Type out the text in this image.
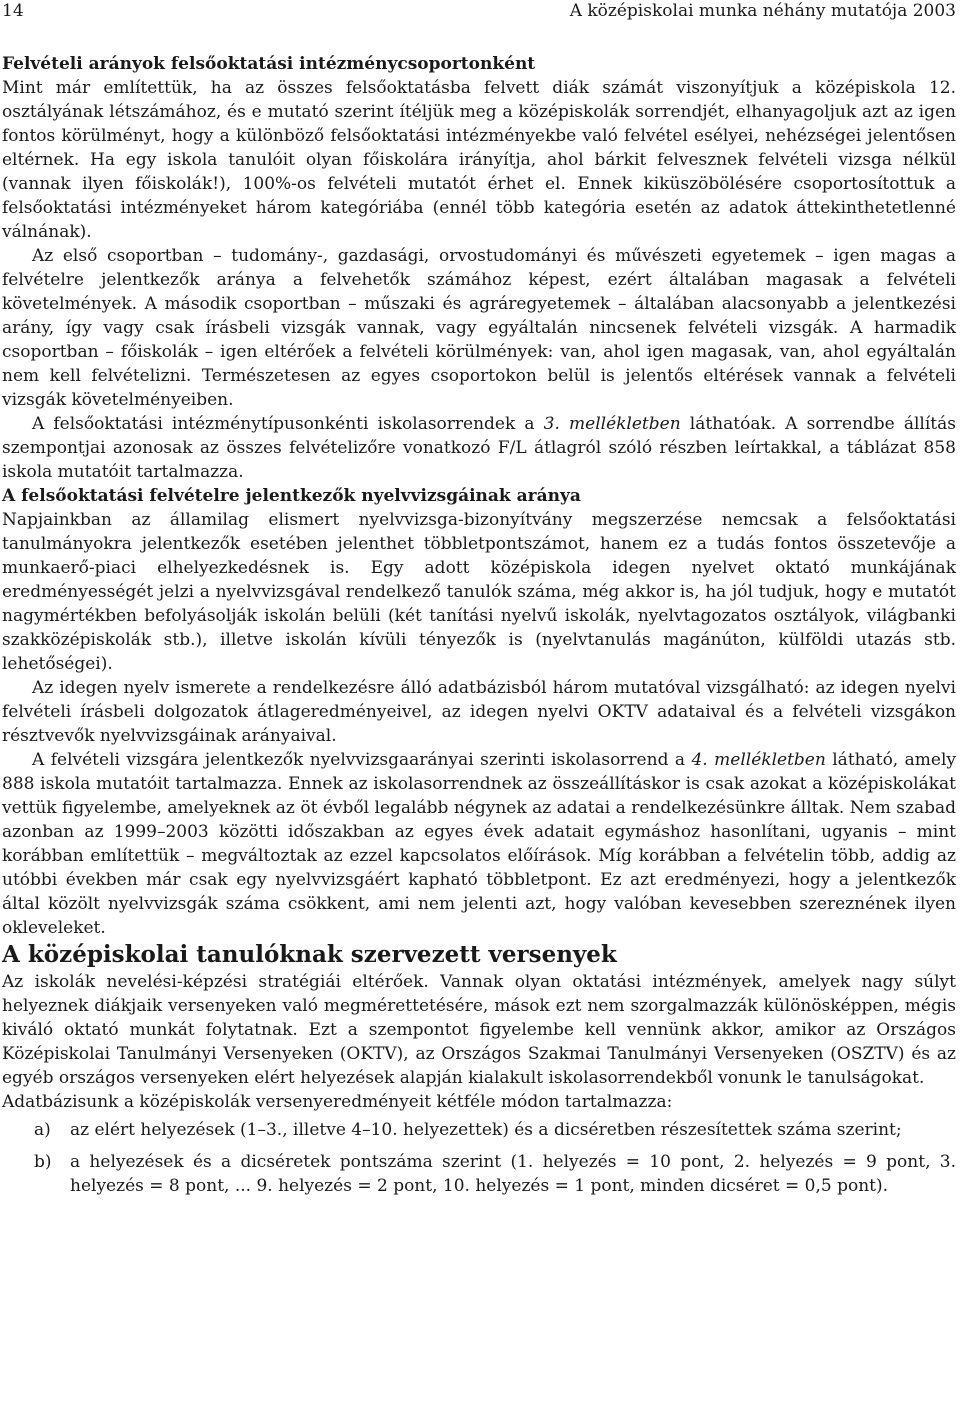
14	A középiskolai munka néhány mutatója 2003
Felvételi arányok felsőoktatási intézménycsoportonként

Mint már említettük, ha az összes felsőoktatásba felvett diák számát viszonyítjuk a középiskola 12. osztályának létszámához, és e mutató szerint ítéljük meg a középiskolák sorrendjét, elhanyagoljuk azt az igen fontos körülményt, hogy a különböző felsőoktatási intézményekbe való felvétel esélyei, nehézségei jelentősen eltérnek. Ha egy iskola tanulóit olyan főiskolára irányítja, ahol bárkit felvesznek felvételi vizsga nélkül (vannak ilyen főiskolák!), 100%-os felvételi mutatót érhet el. Ennek kiküszöbölésére csoportosítottuk a felsőoktatási intézményeket három kategóriába (ennél több kategória esetén az adatok áttekinthetetlenné válnának).

Az első csoportban – tudomány-, gazdasági, orvostudományi és művészeti egyetemek – igen magas a felvételre jelentkezők aránya a felvehetők számához képest, ezért általában magasak a felvételi követelmények. A második csoportban – műszaki és agráregyetemek – általában alacsonyabb a jelentkezési arány, így vagy csak írásbeli vizsgák vannak, vagy egyáltalán nincsenek felvételi vizsgák. A harmadik csoportban – főiskolák – igen eltérőek a felvételi körülmények: van, ahol igen magasak, van, ahol egyáltalán nem kell felvételizni. Természetesen az egyes csoportokon belül is jelentős eltérések vannak a felvételi vizsgák követelményeiben.

A felsőoktatási intézménytípusonkénti iskolasorrendek a 3. mellékletben láthatóak. A sorrendbe állítás szempontjai azonosak az összes felvételizőre vonatkozó F/L átlagról szóló részben leírtakkal, a táblázat 858 iskola mutatóit tartalmazza.

A felsőoktatási felvételre jelentkezők nyelvvizsgáinak aránya

Napjainkban az államilag elismert nyelvvizsga-bizonyítvány megszerzése nemcsak a felsőoktatási tanulmányokra jelentkezők esetében jelenthet többletpontszámot, hanem ez a tudás fontos összetevője a munkaerő-piaci elhelyezkedésnek is. Egy adott középiskola idegen nyelvet oktató munkájának eredményességét jelzi a nyelvvizsgával rendelkező tanulók száma, még akkor is, ha jól tudjuk, hogy e mutatót nagymértékben befolyásolják iskolán belüli (két tanítási nyelvű iskolák, nyelvtagozatos osztályok, világbanki szakközépiskolák stb.), illetve iskolán kívüli tényezők is (nyelvtanulás magánúton, külföldi utazás stb. lehetőségei).

Az idegen nyelv ismerete a rendelkezésre álló adatbázisból három mutatóval vizsgálható: az idegen nyelvi felvételi írásbeli dolgozatok átlageredményeivel, az idegen nyelvi OKTV adataival és a felvételi vizsgákon résztvevők nyelvvizsgáinak arányaival.

A felvételi vizsgára jelentkezők nyelvvizsgaarányai szerinti iskolasorrend a 4. mellékletben látható, amely 888 iskola mutatóit tartalmazza. Ennek az iskolasorrendnek az összeállításkor is csak azokat a középiskolákat vettük figyelembe, amelyeknek az öt évből legalább négynek az adatai a rendelkezésünkre álltak. Nem szabad azonban az 1999–2003 közötti időszakban az egyes évek adatait egymáshoz hasonlítani, ugyanis – mint korábban említettük – megváltoztak az ezzel kapcsolatos előírások. Míg korábban a felvételin több, addig az utóbbi években már csak egy nyelvvizsgáért kapható többletpont. Ez azt eredményezi, hogy a jelentkezők által közölt nyelvvizsgák száma csökkent, ami nem jelenti azt, hogy valóban kevesebben szereznének ilyen okleveleket.

A középiskolai tanulóknak szervezett versenyek

Az iskolák nevelési-képzési stratégiái eltérőek. Vannak olyan oktatási intézmények, amelyek nagy súlyt helyeznek diákjaik versenyeken való megmérettetésére, mások ezt nem szorgalmazzák különösképpen, mégis kiváló oktató munkát folytatnak. Ezt a szempontot figyelembe kell vennünk akkor, amikor az Országos Középiskolai Tanulmányi Versenyeken (OKTV), az Országos Szakmai Tanulmányi Versenyeken (OSZTV) és az egyéb országos versenyeken elért helyezések alapján kialakult iskolasorrendekből vonunk le tanulságokat.

Adatbázisunk a középiskolák versenyeredményeit kétféle módon tartalmazza:

a) az elért helyezések (1–3., illetve 4–10. helyezettek) és a dicséretben részesítettek száma szerint;
b) a helyezések és a dicséretek pontszáma szerint (1. helyezés = 10 pont, 2. helyezés = 9 pont, 3. helyezés = 8 pont, ... 9. helyezés = 2 pont, 10. helyezés = 1 pont, minden dicséret = 0,5 pont).
